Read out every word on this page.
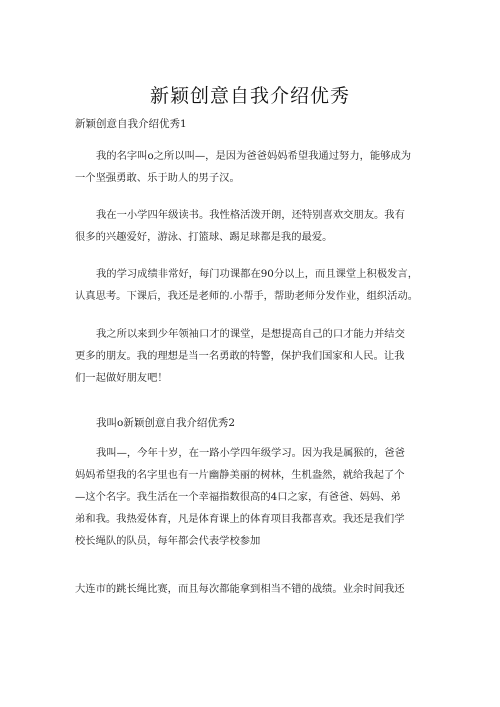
新颖创意自我介绍优秀
新颖创意自我介绍优秀1
我的名字叫o之所以叫—，是因为爸爸妈妈希望我通过努力，能够成为
一个坚强勇敢、乐于助人的男子汉。
我在一小学四年级读书。我性格活泼开朗，还特别喜欢交朋友。我有
很多的兴趣爱好，游泳、打篮球、踢足球都是我的最爱。
我的学习成绩非常好，每门功课都在90分以上，而且课堂上积极发言，
认真思考。下课后，我还是老师的.小帮手，帮助老师分发作业，组织活动。
我之所以来到少年领袖口才的课堂，是想提高自己的口才能力并结交
更多的朋友。我的理想是当一名勇敢的特警，保护我们国家和人民。让我
们一起做好朋友吧！
我叫o新颖创意自我介绍优秀2
我叫—，今年十岁，在一路小学四年级学习。因为我是属猴的，爸爸
妈妈希望我的名字里也有一片幽静美丽的树林，生机盎然，就给我起了个
—这个名字。我生活在一个幸福指数很高的4口之家，有爸爸、妈妈、弟
弟和我。我热爱体育，凡是体育课上的体育项目我都喜欢。我还是我们学
校长绳队的队员，每年都会代表学校参加
大连市的跳长绳比赛，而且每次都能拿到相当不错的战绩。业余时间我还
